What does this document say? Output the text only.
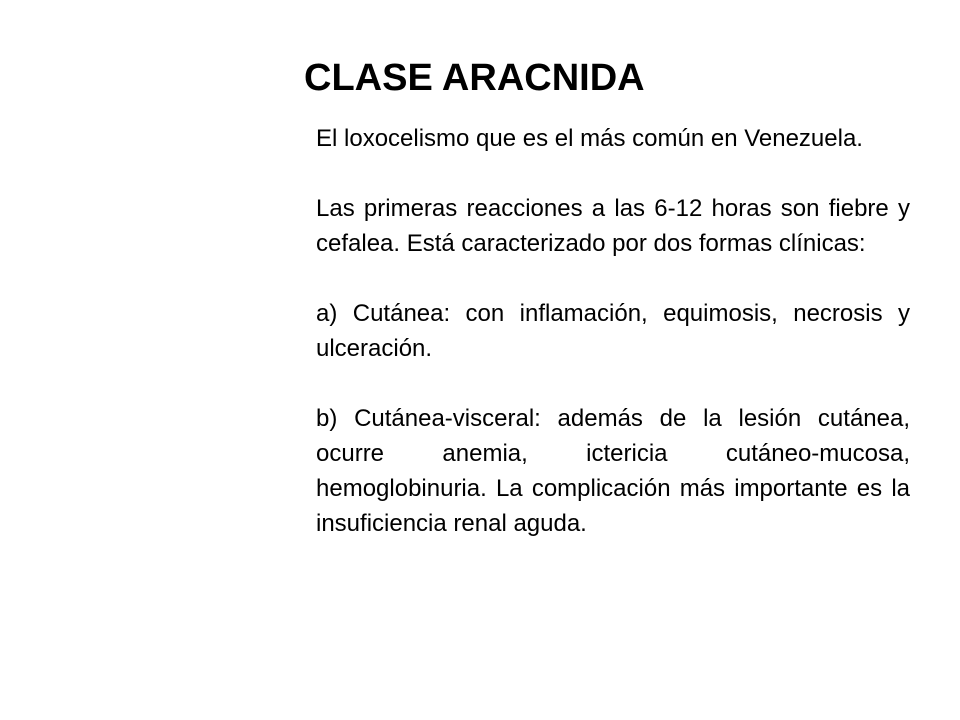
CLASE ARACNIDA

El loxocelismo que es el más común en Venezuela.

Las primeras reacciones a las 6-12 horas son fiebre y cefalea. Está caracterizado por dos formas clínicas:

a) Cutánea: con inflamación, equimosis, necrosis y ulceración.

b) Cutánea-visceral: además de la lesión cutánea, ocurre anemia, ictericia cutáneo-mucosa, hemoglobinuria. La complicación más importante es la insuficiencia renal aguda.
